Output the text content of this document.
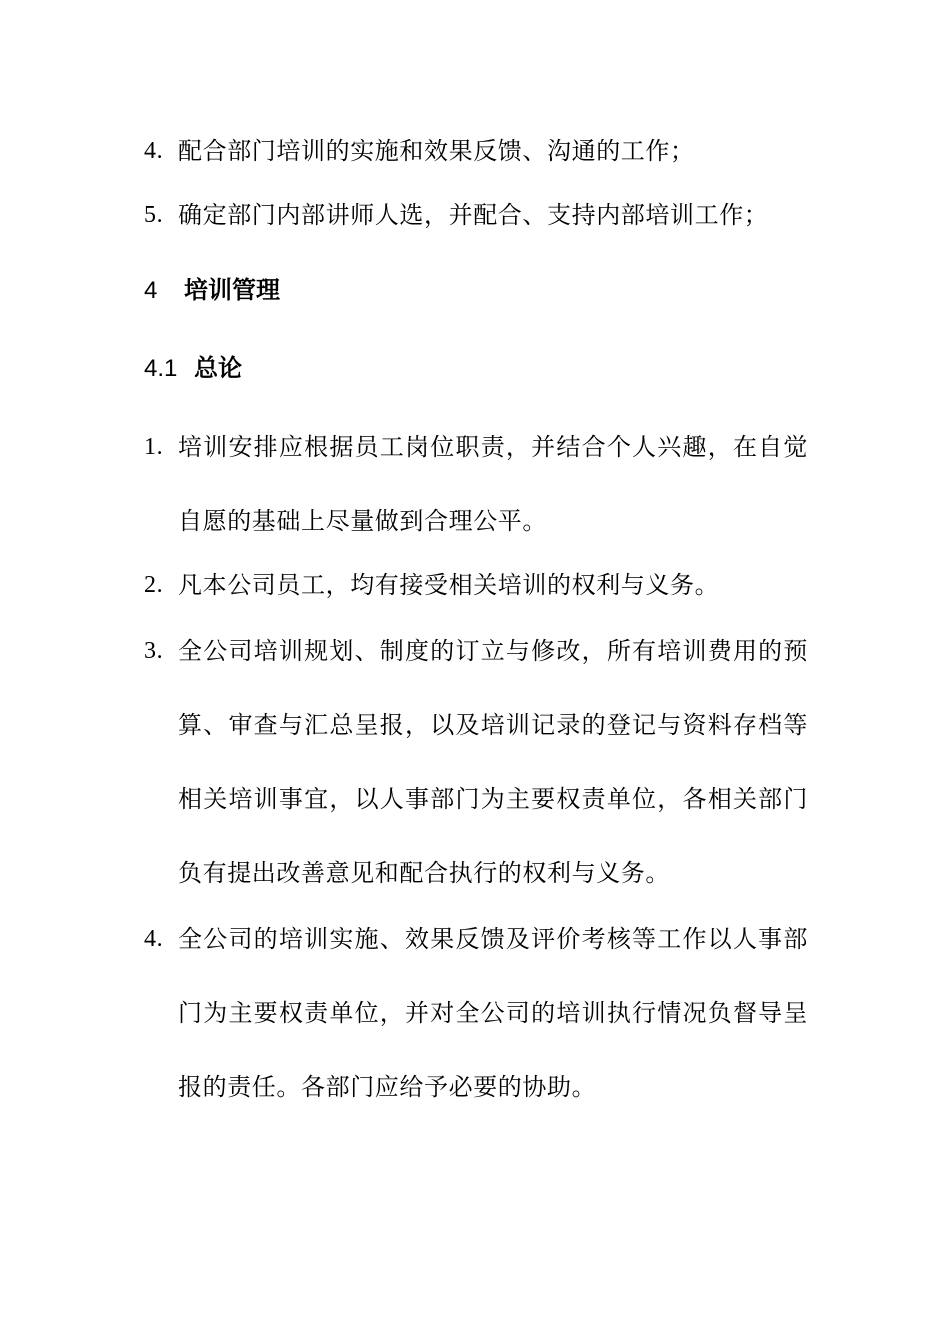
4. 配合部门培训的实施和效果反馈、沟通的工作；
5. 确定部门内部讲师人选，并配合、支持内部培训工作；
4 培训管理
4.1 总论
1. 培训安排应根据员工岗位职责，并结合个人兴趣，在自觉自愿的基础上尽量做到合理公平。
2. 凡本公司员工，均有接受相关培训的权利与义务。
3. 全公司培训规划、制度的订立与修改，所有培训费用的预算、审查与汇总呈报，以及培训记录的登记与资料存档等相关培训事宜，以人事部门为主要权责单位，各相关部门负有提出改善意见和配合执行的权利与义务。
4. 全公司的培训实施、效果反馈及评价考核等工作以人事部门为主要权责单位，并对全公司的培训执行情况负督导呈报的责任。各部门应给予必要的协助。
